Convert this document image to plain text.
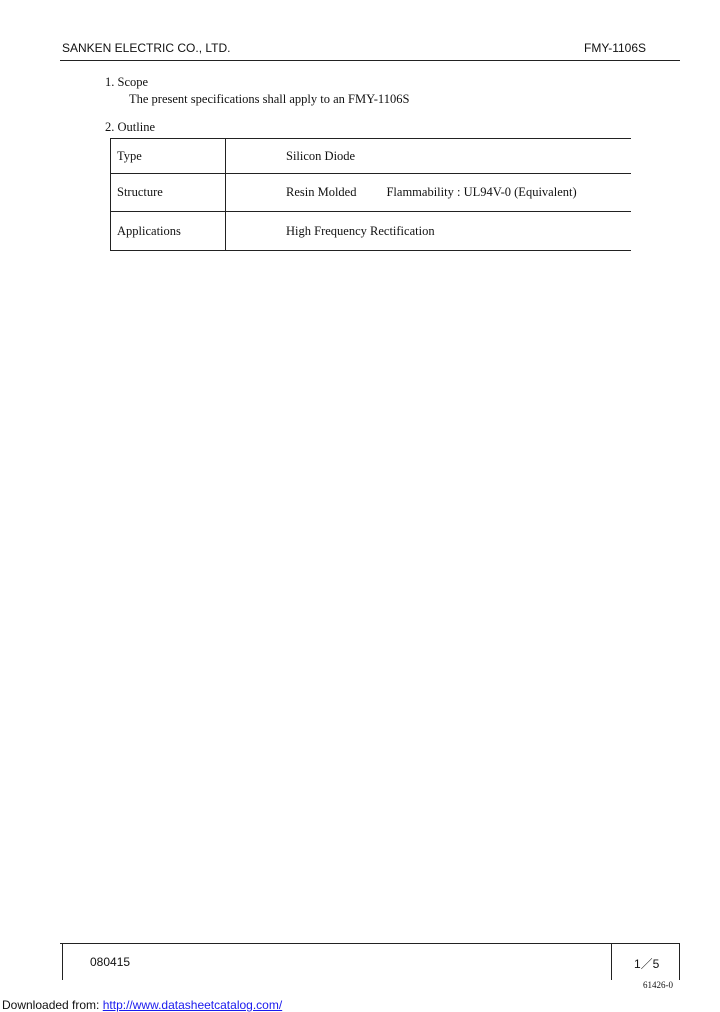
SANKEN ELECTRIC CO., LTD.	FMY-1106S
1. Scope
The present specifications shall apply to an FMY-1106S
2. Outline
Type	Silicon Diode
Structure	Resin Molded Flammability : UL94V-0 (Equivalent)
Applications	High Frequency Rectification
080415	1／5
61426-0
Downloaded from: http://www.datasheetcatalog.com/
